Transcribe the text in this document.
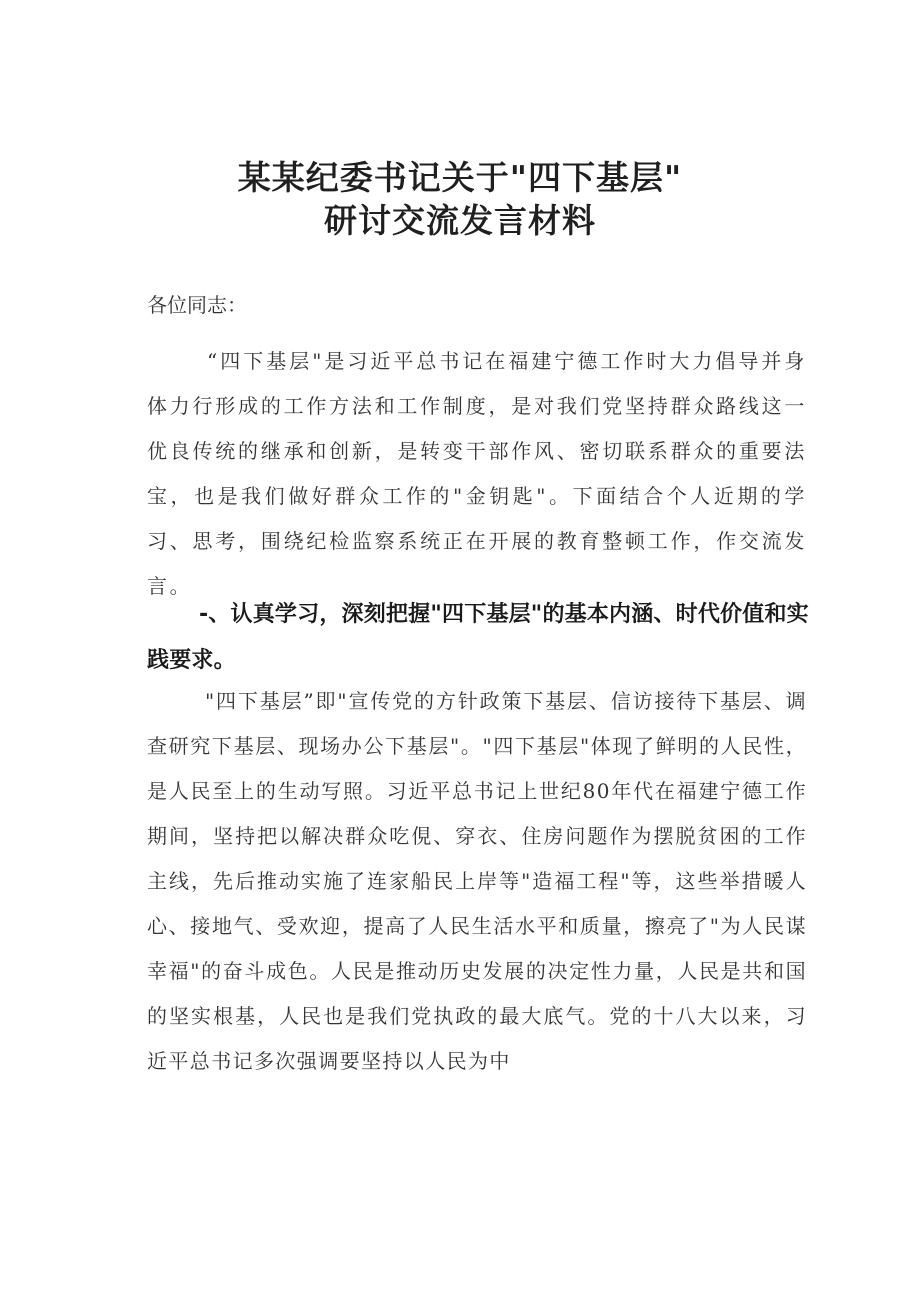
某某纪委书记关于"四下基层"
研讨交流发言材料

各位同志：

“四下基层"是习近平总书记在福建宁德工作时大力倡导并身体力行形成的工作方法和工作制度，是对我们党坚持群众路线这一优良传统的继承和创新，是转变干部作风、密切联系群众的重要法宝，也是我们做好群众工作的"金钥匙"。下面结合个人近期的学习、思考，围绕纪检监察系统正在开展的教育整顿工作，作交流发言。

-、认真学习，深刻把握"四下基层"的基本内涵、时代价值和实践要求。

"四下基层”即"宣传党的方针政策下基层、信访接待下基层、调查研究下基层、现场办公下基层"。"四下基层"体现了鲜明的人民性，是人民至上的生动写照。习近平总书记上世纪80年代在福建宁德工作期间，坚持把以解决群众吃俔、穿衣、住房问题作为摆脱贫困的工作主线，先后推动实施了连家船民上岸等"造福工程"等，这些举措暖人心、接地气、受欢迎，提高了人民生活水平和质量，擦亮了"为人民谋幸福"的奋斗成色。人民是推动历史发展的决定性力量，人民是共和国的坚实根基，人民也是我们党执政的最大底气。党的十八大以来，习近平总书记多次强调要坚持以人民为中
